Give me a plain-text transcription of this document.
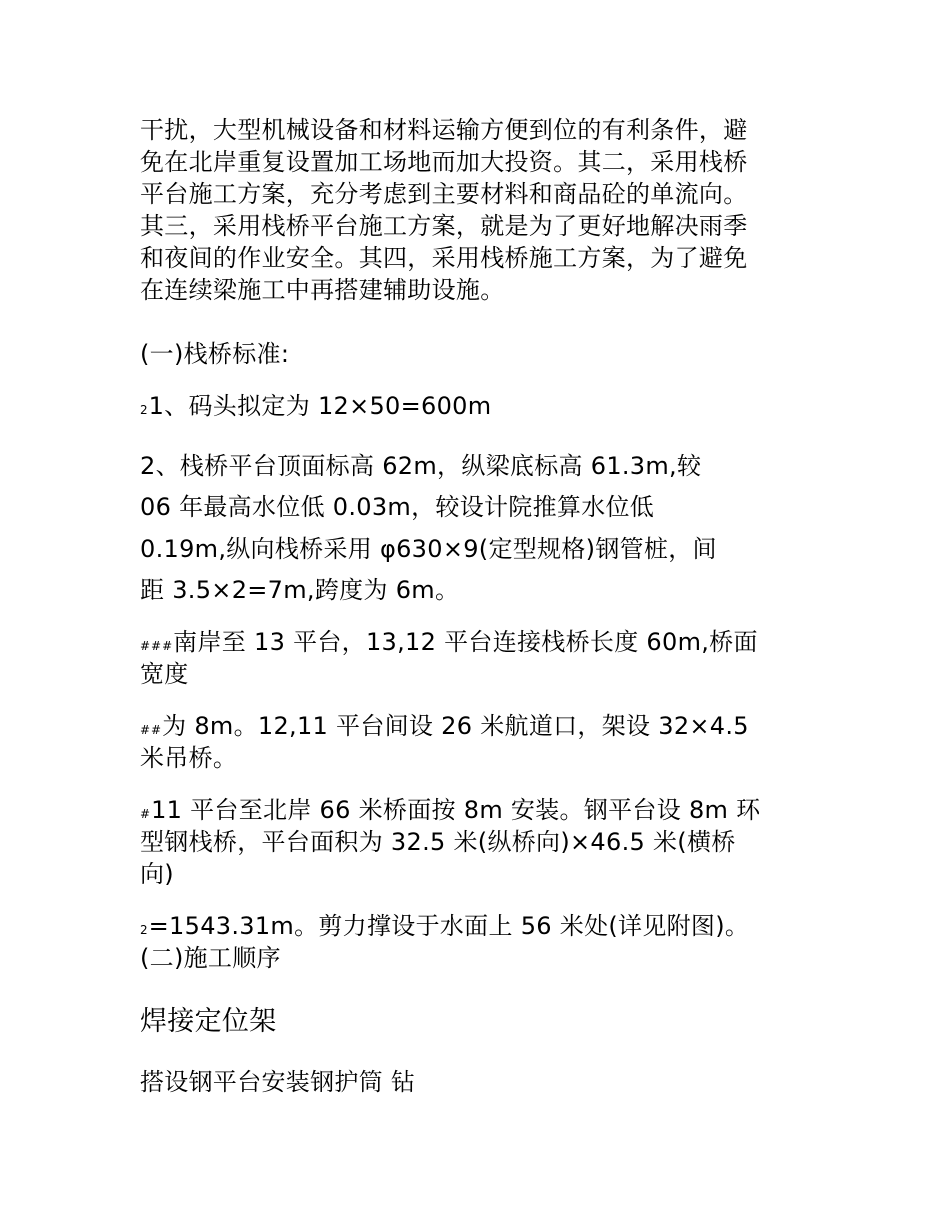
干扰，大型机械设备和材料运输方便到位的有利条件，避

免在北岸重复设置加工场地而加大投资。其二，采用栈桥

平台施工方案，充分考虑到主要材料和商品砼的单流向。

其三，采用栈桥平台施工方案，就是为了更好地解决雨季

和夜间的作业安全。其四，采用栈桥施工方案，为了避免

在连续梁施工中再搭建辅助设施。

(一)栈桥标准:

21、码头拟定为 12×50=600m

2、栈桥平台顶面标高 62m，纵梁底标高 61.3m,较

06 年最高水位低 0.03m，较设计院推算水位低

0.19m,纵向栈桥采用 φ630×9(定型规格)钢管桩，间

距 3.5×2=7m,跨度为 6m。

###南岸至 13 平台，13,12 平台连接栈桥长度 60m,桥面

宽度

##为 8m。12,11 平台间设 26 米航道口，架设 32×4.5

米吊桥。

#11 平台至北岸 66 米桥面按 8m 安装。钢平台设 8m 环

型钢栈桥，平台面积为 32.5 米(纵桥向)×46.5 米(横桥

向)

2=1543.31m。剪力撑设于水面上 56 米处(详见附图)。

(二)施工顺序

焊接定位架

搭设钢平台安装钢护筒 钻
